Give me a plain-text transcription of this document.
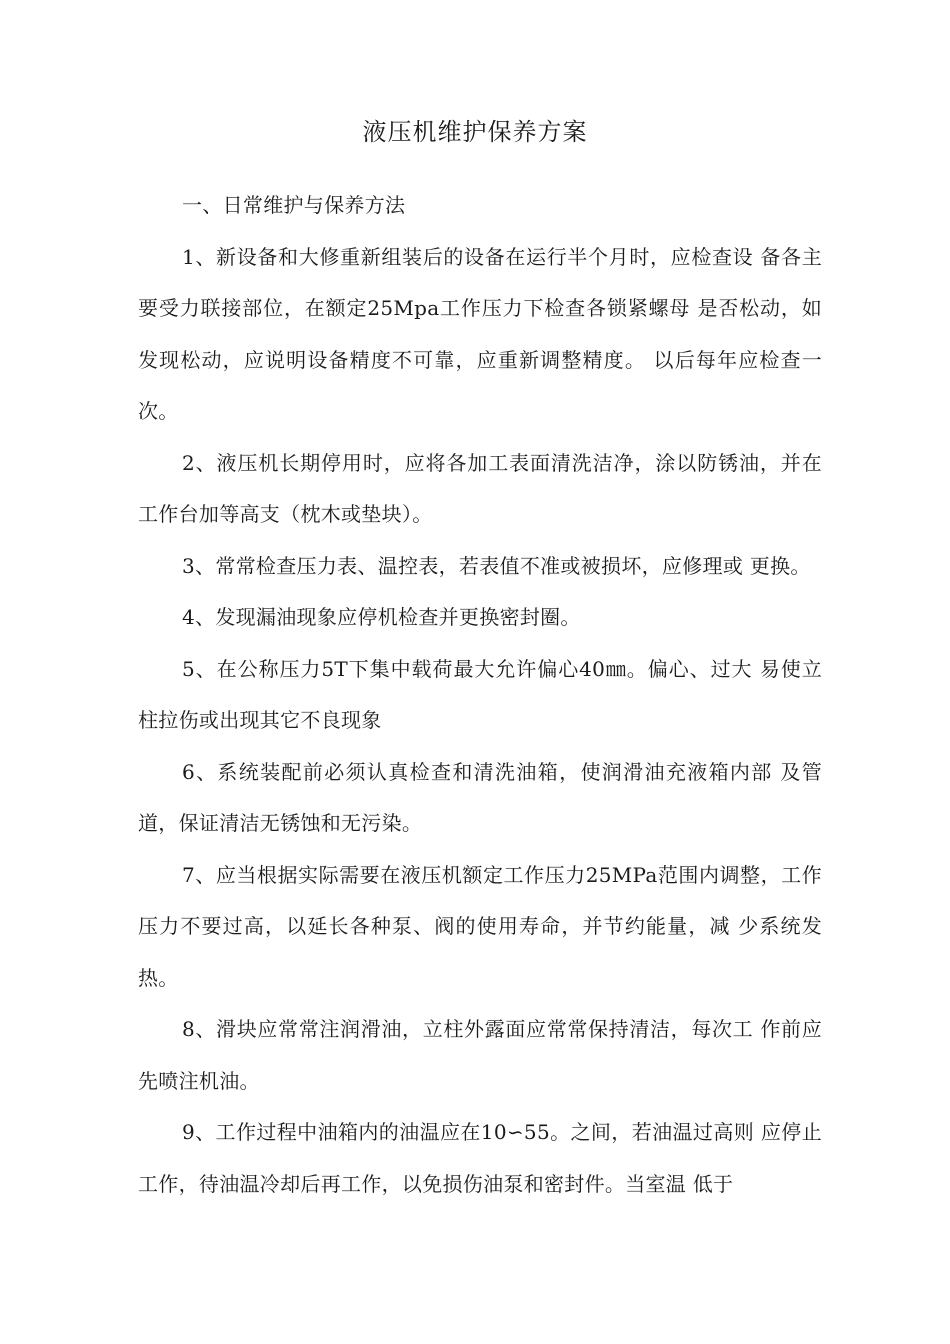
液压机维护保养方案

一、日常维护与保养方法

1、新设备和大修重新组装后的设备在运行半个月时，应检查设 备各主要受力联接部位，在额定25Mpa工作压力下检查各锁紧螺母 是否松动，如发现松动，应说明设备精度不可靠，应重新调整精度。 以后每年应检查一次。

2、液压机长期停用时，应将各加工表面清洗洁净，涂以防锈油，并在工作台加等高支（枕木或垫块）。

3、常常检查压力表、温控表，若表值不准或被损坏，应修理或 更换。

4、发现漏油现象应停机检查并更换密封圈。

5、在公称压力5T下集中载荷最大允许偏心40㎜。偏心、过大 易使立柱拉伤或出现其它不良现象

6、系统装配前必须认真检查和清洗油箱，使润滑油充液箱内部 及管道，保证清洁无锈蚀和无污染。

7、应当根据实际需要在液压机额定工作压力25MPa范围内调整，工作压力不要过高，以延长各种泵、阀的使用寿命，并节约能量，减 少系统发热。

8、滑块应常常注润滑油，立柱外露面应常常保持清洁，每次工 作前应先喷注机油。

9、工作过程中油箱内的油温应在10∽55。之间，若油温过高则 应停止工作，待油温冷却后再工作，以免损伤油泵和密封件。当室温 低于
